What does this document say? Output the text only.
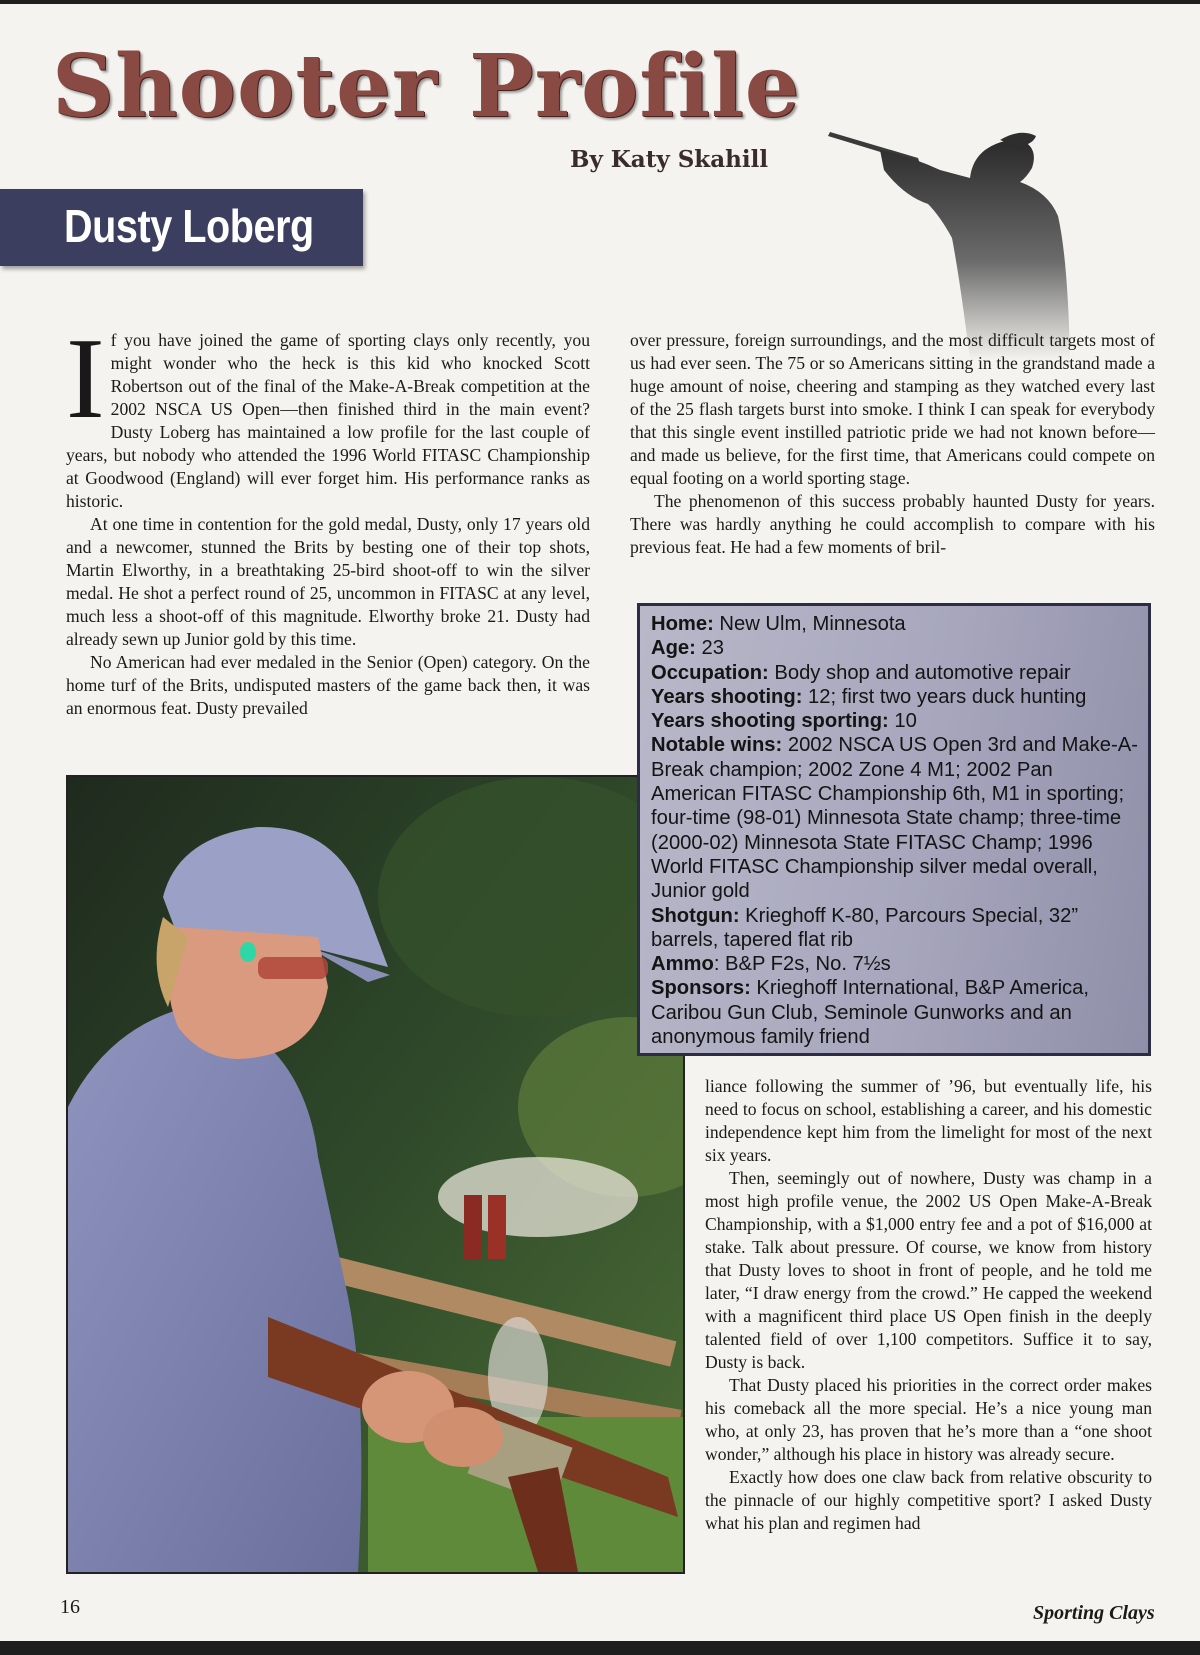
Shooter Profile
By Katy Skahill
Dusty Loberg

If you have joined the game of sporting clays only recently, you might wonder who the heck is this kid who knocked Scott Robertson out of the final of the Make-A-Break competition at the 2002 NSCA US Open—then finished third in the main event? Dusty Loberg has maintained a low profile for the last couple of years, but nobody who attended the 1996 World FITASC Championship at Goodwood (England) will ever forget him. His performance ranks as historic.

At one time in contention for the gold medal, Dusty, only 17 years old and a newcomer, stunned the Brits by besting one of their top shots, Martin Elworthy, in a breathtaking 25-bird shoot-off to win the silver medal. He shot a perfect round of 25, uncommon in FITASC at any level, much less a shoot-off of this magnitude. Elworthy broke 21. Dusty had already sewn up Junior gold by this time.

No American had ever medaled in the Senior (Open) category. On the home turf of the Brits, undisputed masters of the game back then, it was an enormous feat. Dusty prevailed

over pressure, foreign surroundings, and the most difficult targets most of us had ever seen. The 75 or so Americans sitting in the grandstand made a huge amount of noise, cheering and stamping as they watched every last of the 25 flash targets burst into smoke. I think I can speak for everybody that this single event instilled patriotic pride we had not known before—and made us believe, for the first time, that Americans could compete on equal footing on a world sporting stage.

The phenomenon of this success probably haunted Dusty for years. There was hardly anything he could accomplish to compare with his previous feat. He had a few moments of bril-

Home: New Ulm, Minnesota
Age: 23
Occupation: Body shop and automotive repair
Years shooting: 12; first two years duck hunting
Years shooting sporting: 10
Notable wins: 2002 NSCA US Open 3rd and Make-A-Break champion; 2002 Zone 4 M1; 2002 Pan American FITASC Championship 6th, M1 in sporting; four-time (98-01) Minnesota State champ; three-time (2000-02) Minnesota State FITASC Champ; 1996 World FITASC Championship silver medal overall, Junior gold
Shotgun: Krieghoff K-80, Parcours Special, 32” barrels, tapered flat rib
Ammo: B&P F2s, No. 7½s
Sponsors: Krieghoff International, B&P America, Caribou Gun Club, Seminole Gunworks and an anonymous family friend

liance following the summer of ’96, but eventually life, his need to focus on school, establishing a career, and his domestic independence kept him from the limelight for most of the next six years.

Then, seemingly out of nowhere, Dusty was champ in a most high profile venue, the 2002 US Open Make-A-Break Championship, with a $1,000 entry fee and a pot of $16,000 at stake. Talk about pressure. Of course, we know from history that Dusty loves to shoot in front of people, and he told me later, “I draw energy from the crowd.” He capped the weekend with a magnificent third place US Open finish in the deeply talented field of over 1,100 competitors. Suffice it to say, Dusty is back.

That Dusty placed his priorities in the correct order makes his comeback all the more special. He’s a nice young man who, at only 23, has proven that he’s more than a “one shoot wonder,” although his place in history was already secure.

Exactly how does one claw back from relative obscurity to the pinnacle of our highly competitive sport? I asked Dusty what his plan and regimen had

16	Sporting Clays
